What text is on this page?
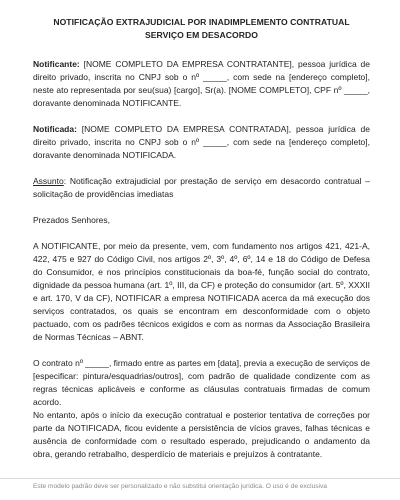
NOTIFICAÇÃO EXTRAJUDICIAL POR INADIMPLEMENTO CONTRATUAL
SERVIÇO EM DESACORDO

Notificante: [NOME COMPLETO DA EMPRESA CONTRATANTE], pessoa jurídica de direito privado, inscrita no CNPJ sob o nº _____, com sede na [endereço completo], neste ato representada por seu(sua) [cargo], Sr(a). [NOME COMPLETO], CPF nº _____, doravante denominada NOTIFICANTE.

Notificada: [NOME COMPLETO DA EMPRESA CONTRATADA], pessoa jurídica de direito privado, inscrita no CNPJ sob o nº _____, com sede na [endereço completo], doravante denominada NOTIFICADA.

Assunto: Notificação extrajudicial por prestação de serviço em desacordo contratual – solicitação de providências imediatas

Prezados Senhores,

A NOTIFICANTE, por meio da presente, vem, com fundamento nos artigos 421, 421-A, 422, 475 e 927 do Código Civil, nos artigos 2º, 3º, 4º, 6º, 14 e 18 do Código de Defesa do Consumidor, e nos princípios constitucionais da boa-fé, função social do contrato, dignidade da pessoa humana (art. 1º, III, da CF) e proteção do consumidor (art. 5º, XXXII e art. 170, V da CF), NOTIFICAR a empresa NOTIFICADA acerca da má execução dos serviços contratados, os quais se encontram em desconformidade com o objeto pactuado, com os padrões técnicos exigidos e com as normas da Associação Brasileira de Normas Técnicas – ABNT.

O contrato nº _____, firmado entre as partes em [data], previa a execução de serviços de [especificar: pintura/esquadrias/outros], com padrão de qualidade condizente com as regras técnicas aplicáveis e conforme as cláusulas contratuais firmadas de comum acordo.

No entanto, após o início da execução contratual e posterior tentativa de correções por parte da NOTIFICADA, ficou evidente a persistência de vícios graves, falhas técnicas e ausência de conformidade com o resultado esperado, prejudicando o andamento da obra, gerando retrabalho, desperdício de materiais e prejuízos à contratante.

Este modelo padrão deve ser personalizado e não substitui orientação jurídica. O uso é de exclusiva
